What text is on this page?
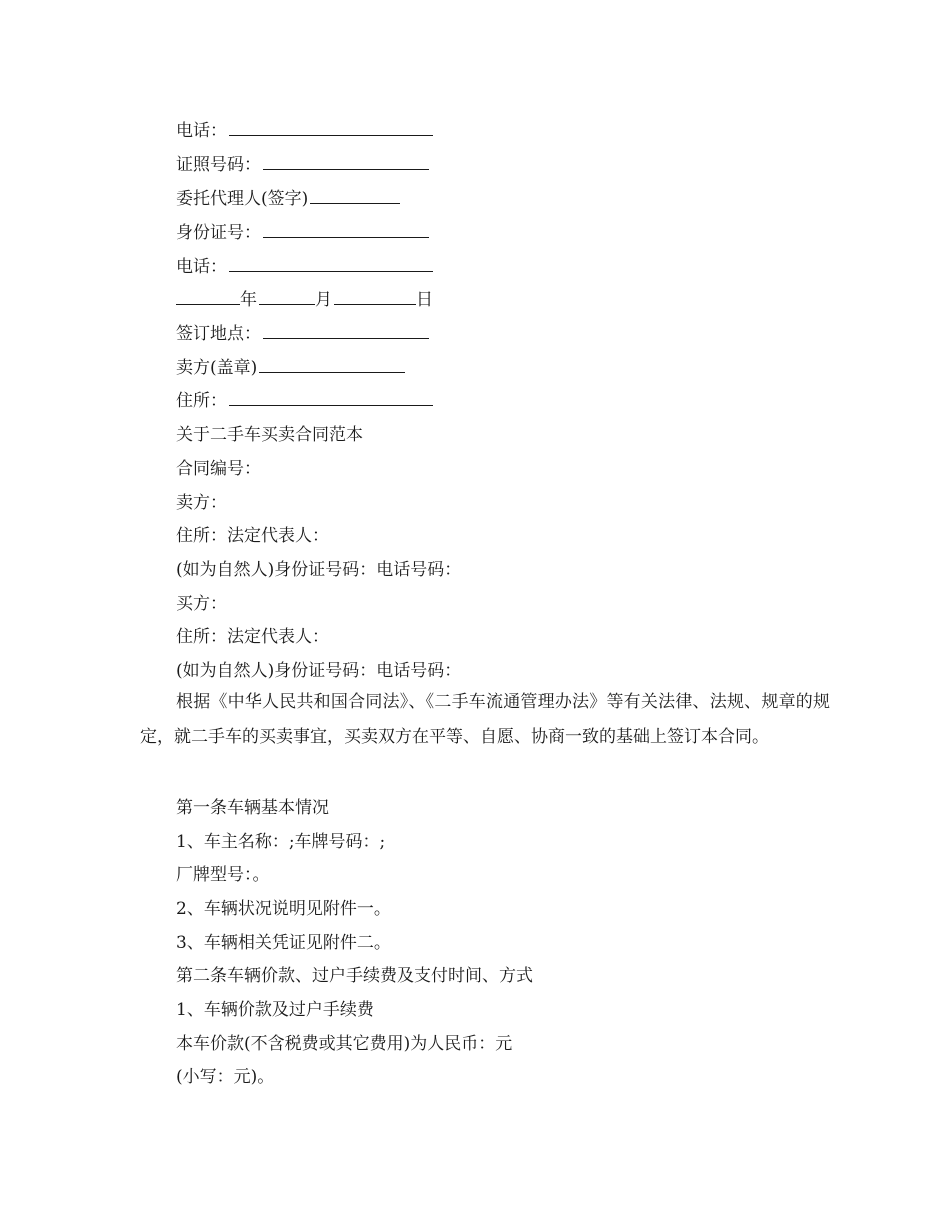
电话：

证照号码：

委托代理人(签字)

身份证号：

电话：

年	月	日

签订地点：

卖方(盖章)

住所：

关于二手车买卖合同范本

合同编号：

卖方：

住所：法定代表人：

(如为自然人)身份证号码：电话号码：

买方：

住所：法定代表人：

(如为自然人)身份证号码：电话号码：

根据《中华人民共和国合同法》、《二手车流通管理办法》等有关法律、法规、规章的规定，就二手车的买卖事宜，买卖双方在平等、自愿、协商一致的基础上签订本合同。

第一条车辆基本情况

1、车主名称：;车牌号码：;

厂牌型号：。

2、车辆状况说明见附件一。

3、车辆相关凭证见附件二。

第二条车辆价款、过户手续费及支付时间、方式

1、车辆价款及过户手续费

本车价款(不含税费或其它费用)为人民币：元

(小写：元)。
